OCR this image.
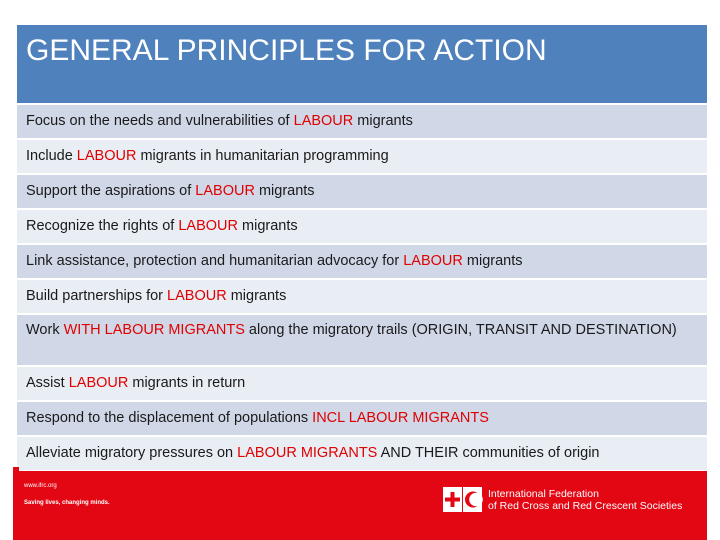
GENERAL PRINCIPLES FOR ACTION
Focus on the needs and vulnerabilities of LABOUR migrants
Include LABOUR migrants in humanitarian programming
Support the aspirations of LABOUR migrants
Recognize the rights of LABOUR migrants
Link assistance, protection and humanitarian advocacy for LABOUR migrants
Build partnerships for LABOUR migrants
Work WITH LABOUR MIGRANTS along the migratory trails (ORIGIN, TRANSIT AND DESTINATION)
Assist LABOUR migrants in return
Respond to the displacement of populations INCL LABOUR MIGRANTS
Alleviate migratory pressures on LABOUR MIGRANTS AND THEIR communities of origin
www.ifrc.org
Saving lives, changing minds.
International Federation
of Red Cross and Red Crescent Societies
